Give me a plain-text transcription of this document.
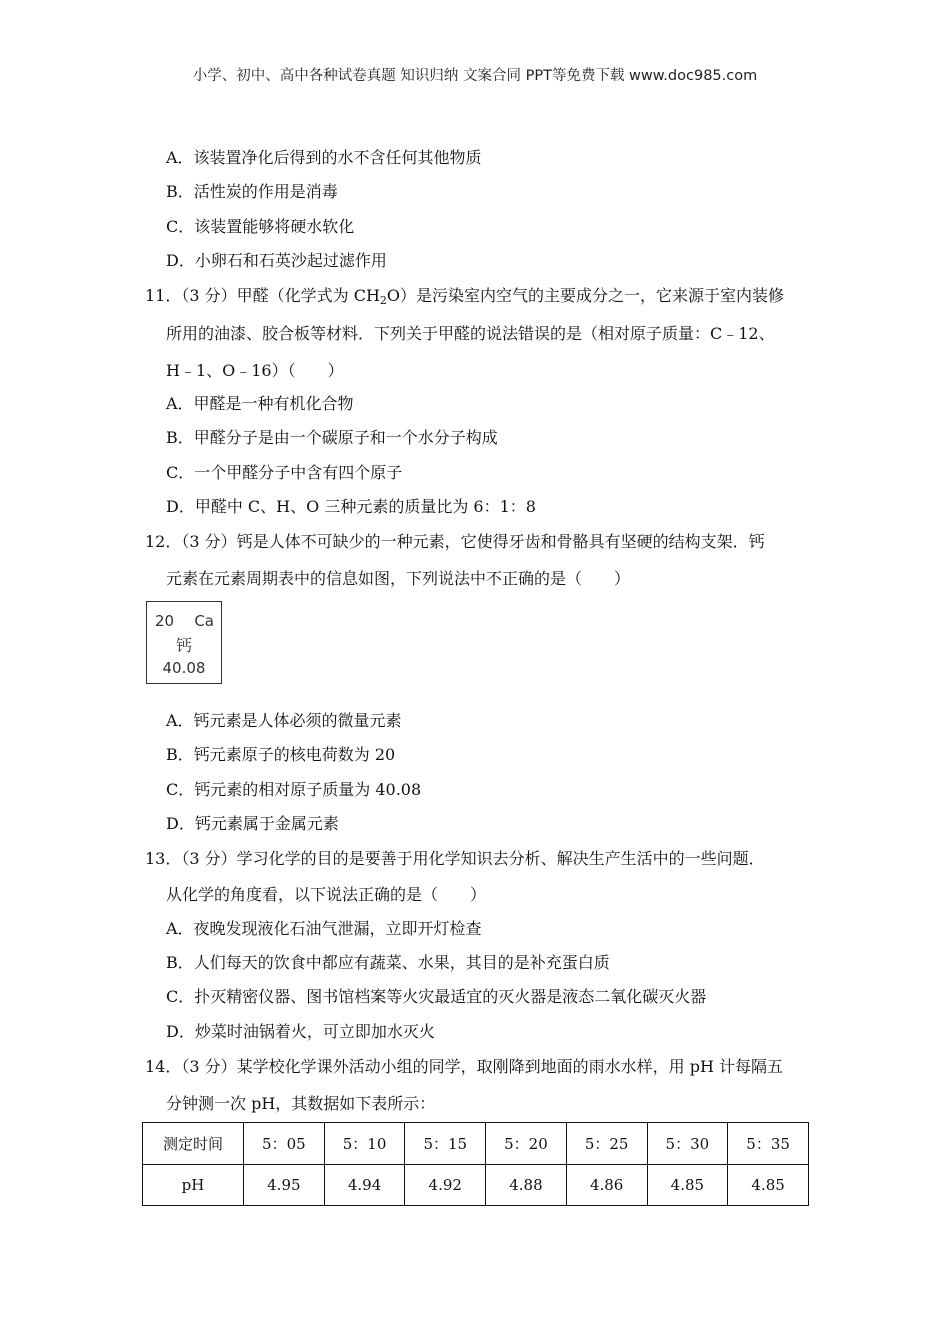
小学、初中、高中各种试卷真题 知识归纳 文案合同 PPT等免费下载 www.doc985.com
A．该装置净化后得到的水不含任何其他物质
B．活性炭的作用是消毒
C．该装置能够将硬水软化
D．小卵石和石英沙起过滤作用
11．（3 分）甲醛（化学式为 $CH_2O$）是污染室内空气的主要成分之一，它来源于室内装修
所用的油漆、胶合板等材料．下列关于甲醛的说法错误的是（相对原子质量：C﹣12、
H﹣1、O﹣16）（　　）
A．甲醛是一种有机化合物
B．甲醛分子是由一个碳原子和一个水分子构成
C．一个甲醛分子中含有四个原子
D．甲醛中 C、H、O 三种元素的质量比为 6：1：8
12．（3 分）钙是人体不可缺少的一种元素，它使得牙齿和骨骼具有坚硬的结构支架．钙
元素在元素周期表中的信息如图，下列说法中不正确的是（　　）
20 Ca
钙
40.08
A．钙元素是人体必须的微量元素
B．钙元素原子的核电荷数为 20
C．钙元素的相对原子质量为 40.08
D．钙元素属于金属元素
13．（3 分）学习化学的目的是要善于用化学知识去分析、解决生产生活中的一些问题．
从化学的角度看，以下说法正确的是（　　）
A．夜晚发现液化石油气泄漏，立即开灯检查
B．人们每天的饮食中都应有蔬菜、水果，其目的是补充蛋白质
C．扑灭精密仪器、图书馆档案等火灾最适宜的灭火器是液态二氧化碳灭火器
D．炒菜时油锅着火，可立即加水灭火
14．（3 分）某学校化学课外活动小组的同学，取刚降到地面的雨水水样，用 pH 计每隔五
分钟测一次 pH，其数据如下表所示：
测定时间	5：05	5：10	5：15	5：20	5：25	5：30	5：35
pH	4.95	4.94	4.92	4.88	4.86	4.85	4.85
